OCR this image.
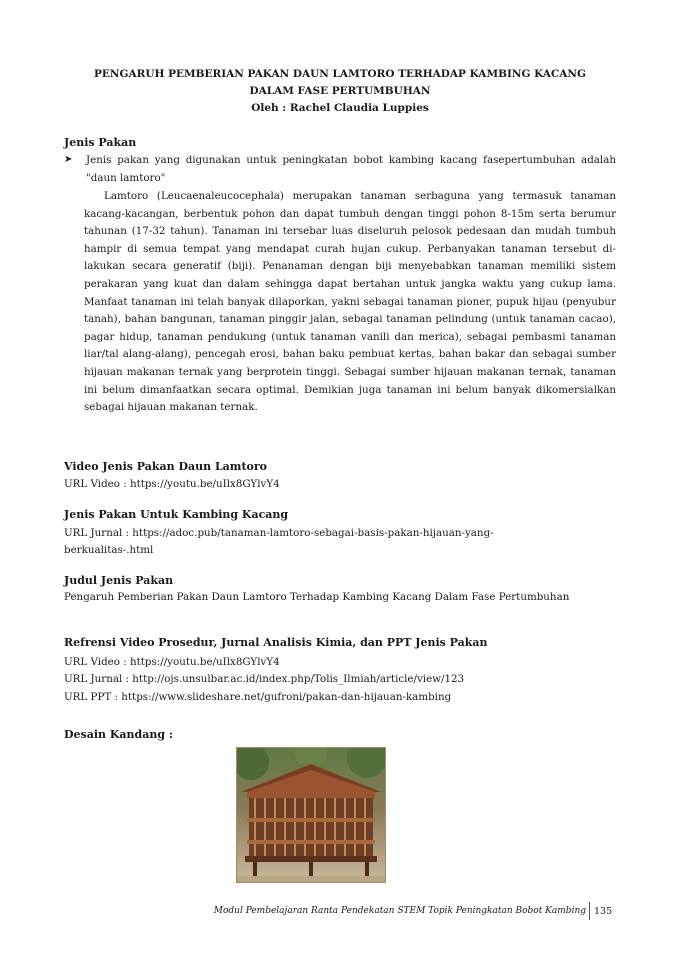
PENGARUH PEMBERIAN PAKAN DAUN LAMTORO TERHADAP KAMBING KACANG
DALAM FASE PERTUMBUHAN
Oleh : Rachel Claudia Luppies
Jenis Pakan
➤ Jenis pakan yang digunakan untuk peningkatan bobot kambing kacang fasepertumbuhan adalah "daun lamtoro"
Lamtoro (Leucaenaleucocephala) merupakan tanaman serbaguna yang termasuk tanaman kacang-kacangan, berbentuk pohon dan dapat tumbuh dengan tinggi pohon 8-15m serta berumur tahunan (17-32 tahun). Tanaman ini tersebar luas diseluruh pelosok pedesaan dan mudah tumbuh hampir di semua tempat yang mendapat curah hujan cukup. Perbanyakan tanaman tersebut di-lakukan secara generatif (biji). Penanaman dengan biji menyebabkan tanaman memiliki sistem perakaran yang kuat dan dalam sehingga dapat bertahan untuk jangka waktu yang cukup lama. Manfaat tanaman ini telah banyak dilaporkan, yakni sebagai tanaman pioner, pupuk hijau (penyubur tanah), bahan bangunan, tanaman pinggir jalan, sebagai tanaman pelindung (untuk tanaman cacao), pagar hidup, tanaman pendukung (untuk tanaman vanili dan merica), sebagai pembasmi tanaman liar/tal alang-alang), pencegah erosi, bahan baku pembuat kertas, bahan bakar dan sebagai sumber hijauan makanan ternak yang berprotein tinggi. Sebagai sumber hijauan makanan ternak, tanaman ini belum dimanfaatkan secara optimal. Demikian juga tanaman ini belum banyak dikomersialkan sebagai hijauan makanan ternak.
Video Jenis Pakan Daun Lamtoro
URL Video : https://youtu.be/uIlx8GYlvY4
Jenis Pakan Untuk Kambing Kacang
URL Jurnal : https://adoc.pub/tanaman-lamtoro-sebagai-basis-pakan-hijauan-yang-
berkualitas-.html
Judul Jenis Pakan
Pengaruh Pemberian Pakan Daun Lamtoro Terhadap Kambing Kacang Dalam Fase Pertumbuhan
Refrensi Video Prosedur, Jurnal Analisis Kimia, dan PPT Jenis Pakan
URL Video : https://youtu.be/uIlx8GYlvY4
URL Jurnal : http://ojs.unsulbar.ac.id/index.php/Tolis_Ilmiah/article/view/123
URL PPT : https://www.slideshare.net/gufroni/pakan-dan-hijauan-kambing
Desain Kandang :
Modul Pembelajaran Ranta Pendekatan STEM Topik Peningkatan Bobot Kambing 135
